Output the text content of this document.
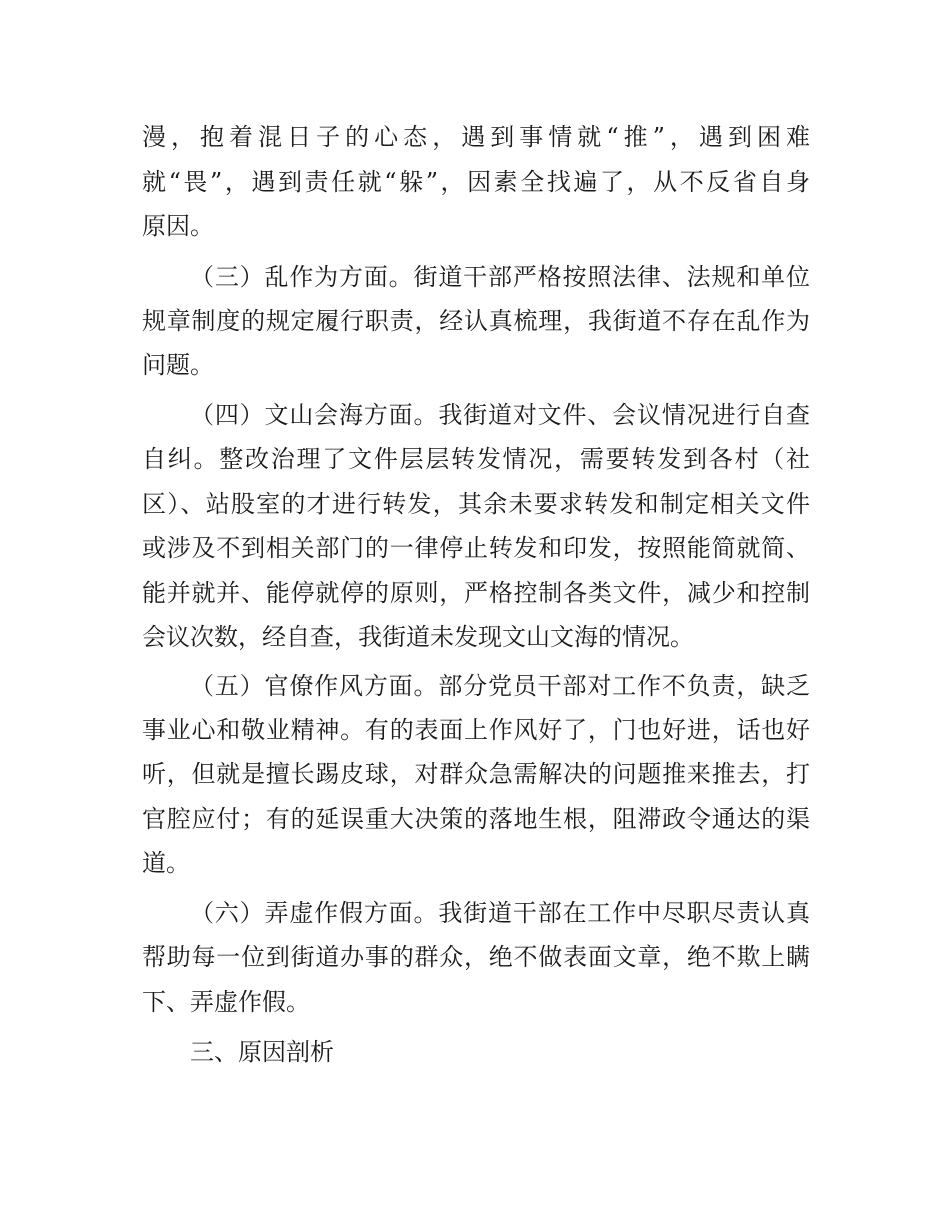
漫，抱着混日子的心态，遇到事情就“推”，遇到困难

就“畏”，遇到责任就“躲”，因素全找遍了，从不反省自身

原因。

（三）乱作为方面。街道干部严格按照法律、法规和单位

规章制度的规定履行职责，经认真梳理，我街道不存在乱作为

问题。

（四）文山会海方面。我街道对文件、会议情况进行自查

自纠。整改治理了文件层层转发情况，需要转发到各村（社

区）、站股室的才进行转发，其余未要求转发和制定相关文件

或涉及不到相关部门的一律停止转发和印发，按照能简就简、

能并就并、能停就停的原则，严格控制各类文件，减少和控制

会议次数，经自查，我街道未发现文山文海的情况。

（五）官僚作风方面。部分党员干部对工作不负责，缺乏

事业心和敬业精神。有的表面上作风好了，门也好进，话也好

听，但就是擅长踢皮球，对群众急需解决的问题推来推去，打

官腔应付；有的延误重大决策的落地生根，阻滞政令通达的渠

道。

（六）弄虚作假方面。我街道干部在工作中尽职尽责认真

帮助每一位到街道办事的群众，绝不做表面文章，绝不欺上瞒

下、弄虚作假。

三、原因剖析
